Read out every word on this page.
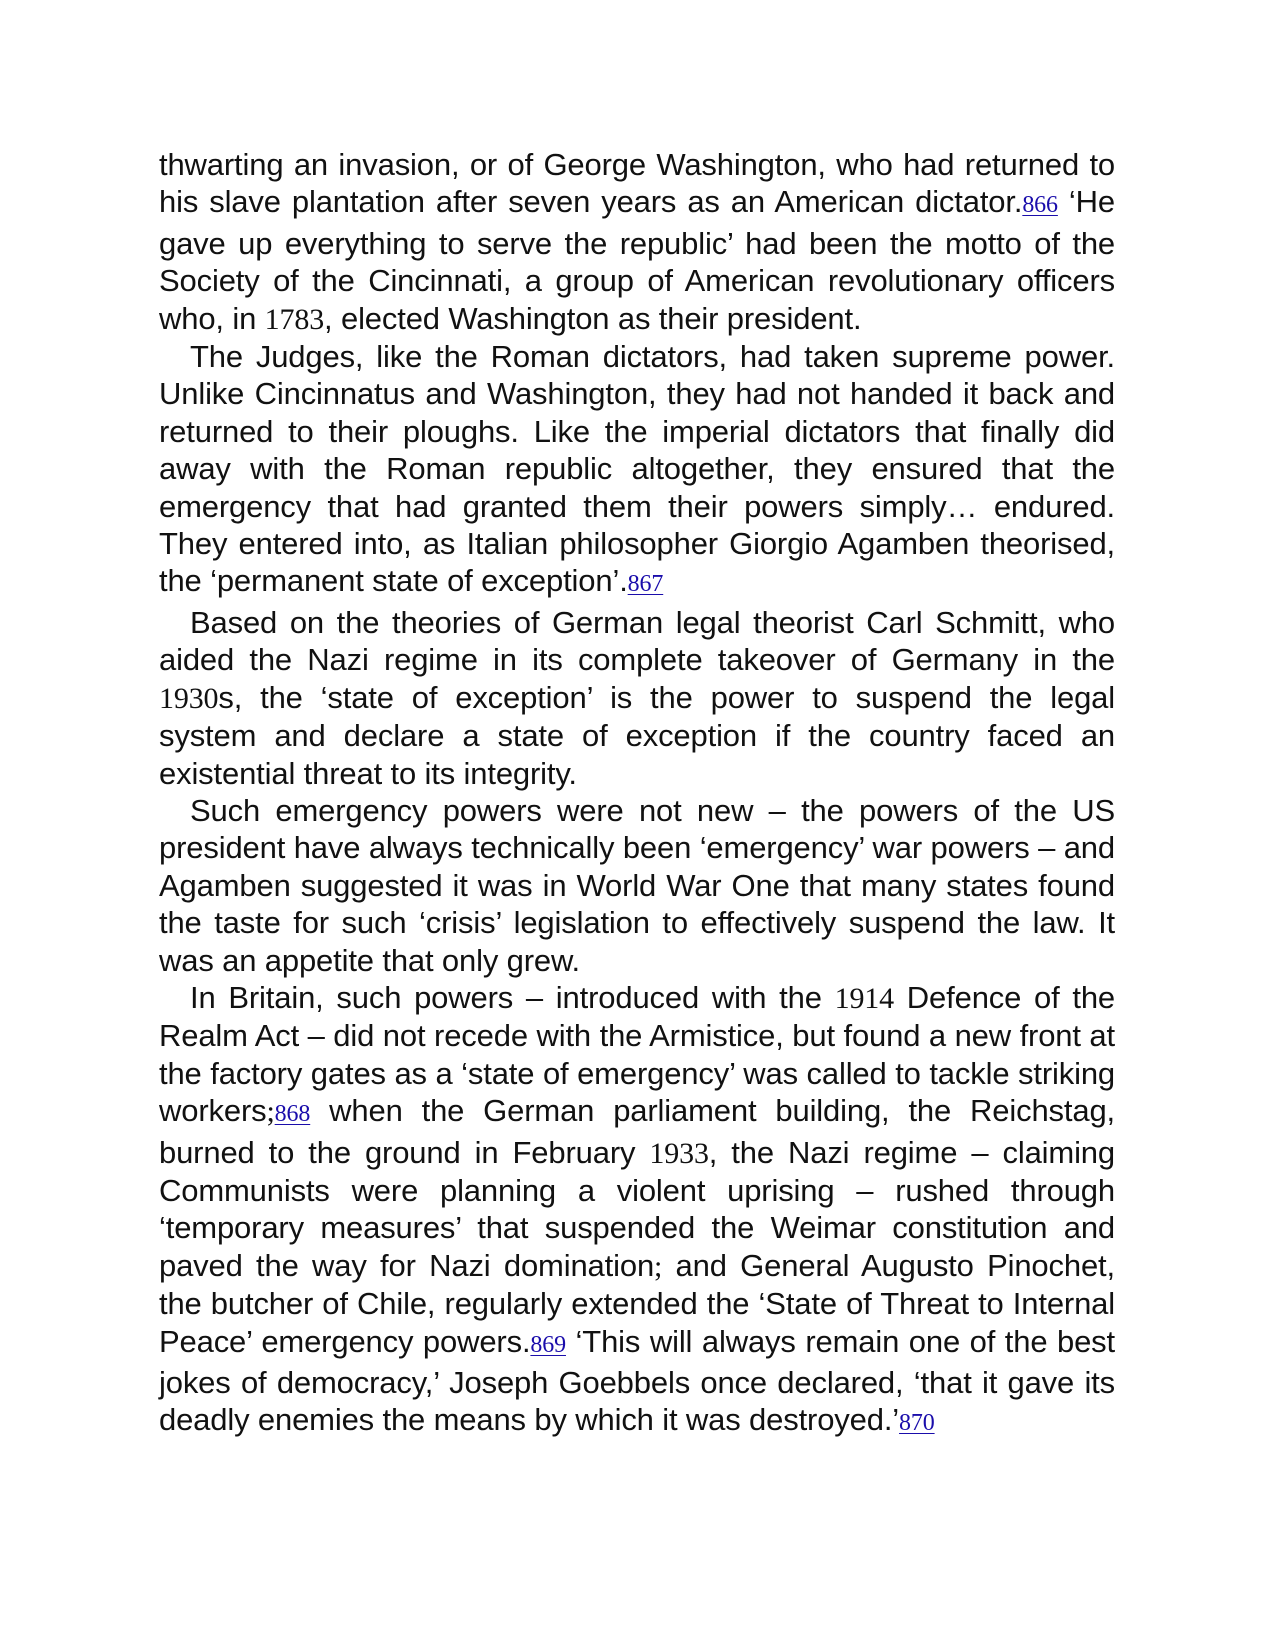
thwarting an invasion, or of George Washington, who had returned to his slave plantation after seven years as an American dictator.866 ‘He gave up everything to serve the republic’ had been the motto of the Society of the Cincinnati, a group of American revolutionary officers who, in 1783, elected Washington as their president.

The Judges, like the Roman dictators, had taken supreme power. Unlike Cincinnatus and Washington, they had not handed it back and returned to their ploughs. Like the imperial dictators that finally did away with the Roman republic altogether, they ensured that the emergency that had granted them their powers simply… endured. They entered into, as Italian philosopher Giorgio Agamben theorised, the ‘permanent state of exception’.867

Based on the theories of German legal theorist Carl Schmitt, who aided the Nazi regime in its complete takeover of Germany in the 1930s, the ‘state of exception’ is the power to suspend the legal system and declare a state of exception if the country faced an existential threat to its integrity.

Such emergency powers were not new – the powers of the US president have always technically been ‘emergency’ war powers – and Agamben suggested it was in World War One that many states found the taste for such ‘crisis’ legislation to effectively suspend the law. It was an appetite that only grew.

In Britain, such powers – introduced with the 1914 Defence of the Realm Act – did not recede with the Armistice, but found a new front at the factory gates as a ‘state of emergency’ was called to tackle striking workers;868 when the German parliament building, the Reichstag, burned to the ground in February 1933, the Nazi regime – claiming Communists were planning a violent uprising – rushed through ‘temporary measures’ that suspended the Weimar constitution and paved the way for Nazi domination; and General Augusto Pinochet, the butcher of Chile, regularly extended the ‘State of Threat to Internal Peace’ emergency powers.869 ‘This will always remain one of the best jokes of democracy,’ Joseph Goebbels once declared, ‘that it gave its deadly enemies the means by which it was destroyed.’870
